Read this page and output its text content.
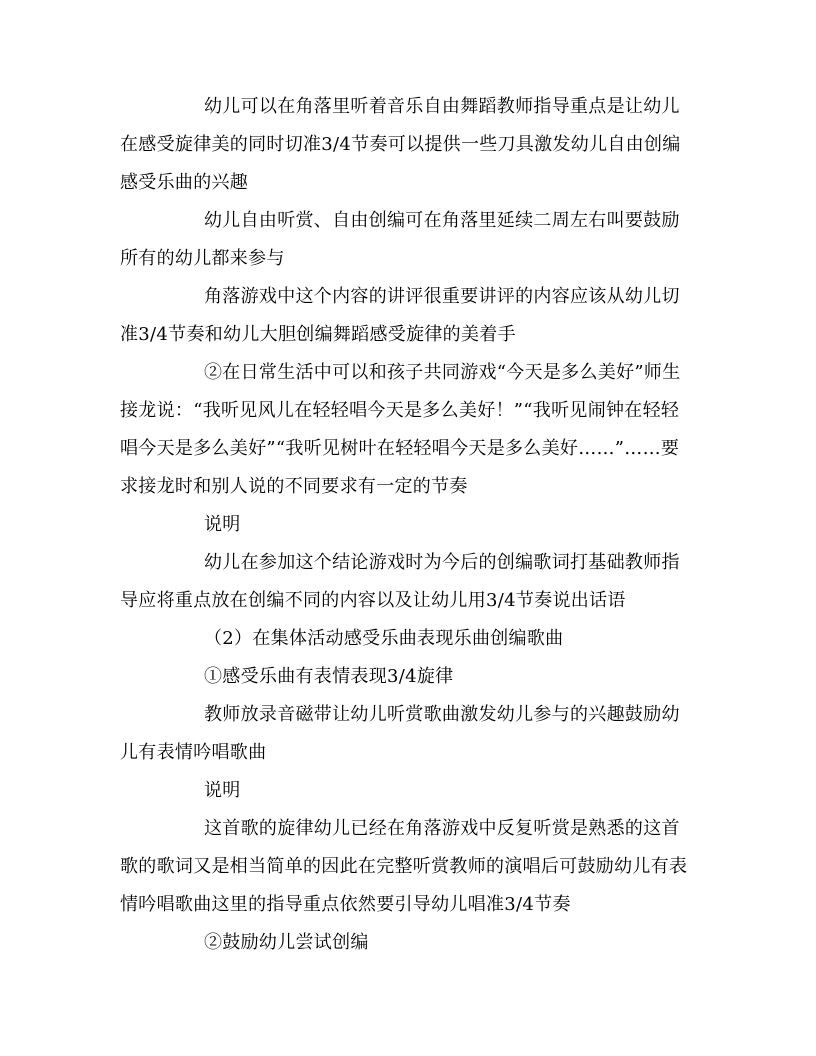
幼儿可以在角落里听着音乐自由舞蹈教师指导重点是让幼儿在感受旋律美的同时切准3/4节奏可以提供一些刀具激发幼儿自由创编感受乐曲的兴趣

幼儿自由听赏、自由创编可在角落里延续二周左右叫要鼓励所有的幼儿都来参与

角落游戏中这个内容的讲评很重要讲评的内容应该从幼儿切准3/4节奏和幼儿大胆创编舞蹈感受旋律的美着手

②在日常生活中可以和孩子共同游戏“今天是多么美好”师生接龙说：“我听见风儿在轻轻唱今天是多么美好！”“我听见闹钟在轻轻唱今天是多么美好”“我听见树叶在轻轻唱今天是多么美好……”……要求接龙时和别人说的不同要求有一定的节奏

说明

幼儿在参加这个结论游戏时为今后的创编歌词打基础教师指导应将重点放在创编不同的内容以及让幼儿用3/4节奏说出话语

（2）在集体活动感受乐曲表现乐曲创编歌曲

①感受乐曲有表情表现3/4旋律

教师放录音磁带让幼儿听赏歌曲激发幼儿参与的兴趣鼓励幼儿有表情吟唱歌曲

说明

这首歌的旋律幼儿已经在角落游戏中反复听赏是熟悉的这首歌的歌词又是相当简单的因此在完整听赏教师的演唱后可鼓励幼儿有表情吟唱歌曲这里的指导重点依然要引导幼儿唱准3/4节奏

②鼓励幼儿尝试创编
